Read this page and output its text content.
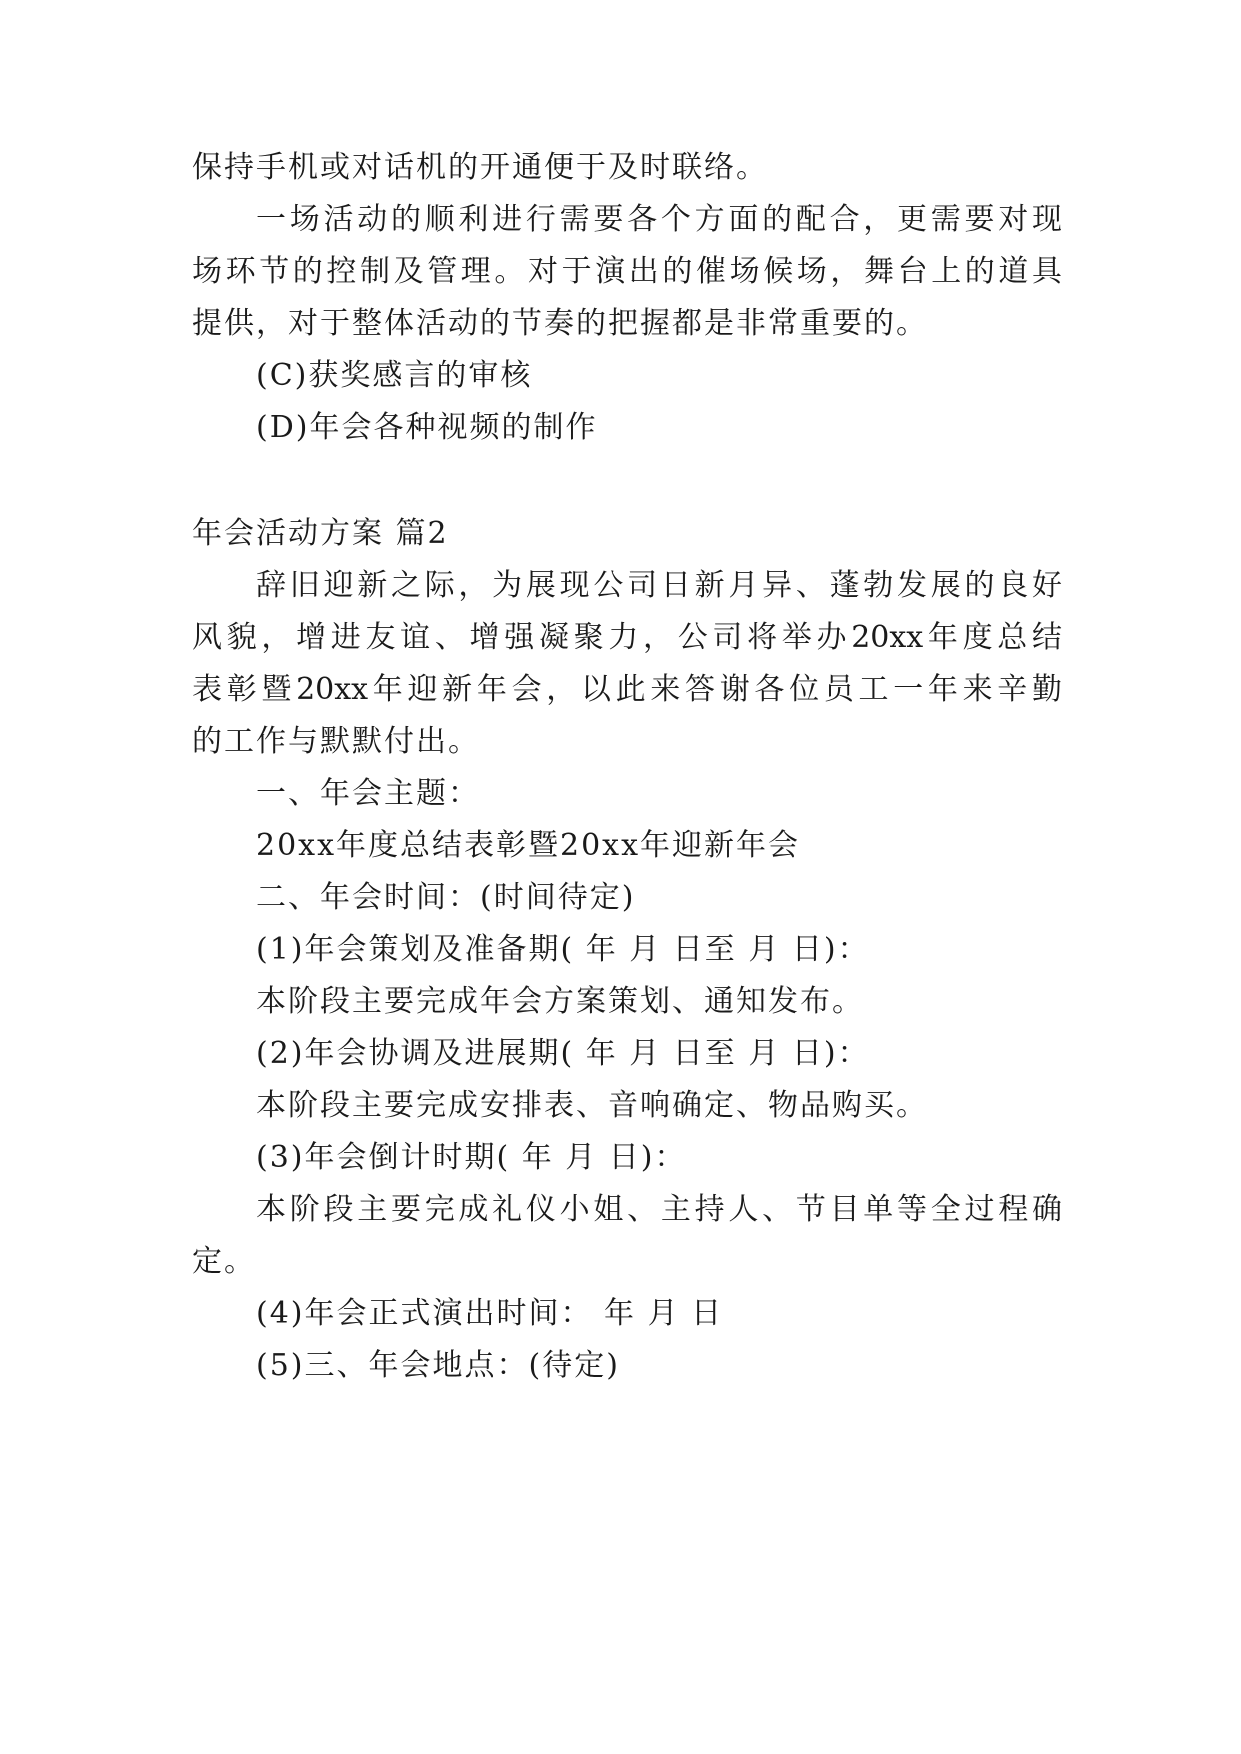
保持手机或对话机的开通便于及时联络。
一场活动的顺利进行需要各个方面的配合，更需要对现
场环节的控制及管理。对于演出的催场候场，舞台上的道具
提供，对于整体活动的节奏的把握都是非常重要的。
(C)获奖感言的审核
(D)年会各种视频的制作
年会活动方案 篇2
辞旧迎新之际，为展现公司日新月异、蓬勃发展的良好
风貌，增进友谊、增强凝聚力，公司将举办20xx年度总结
表彰暨20xx年迎新年会，以此来答谢各位员工一年来辛勤
的工作与默默付出。
一、年会主题：
20xx年度总结表彰暨20xx年迎新年会
二、年会时间：(时间待定)
(1)年会策划及准备期( 年 月 日至 月 日)：
本阶段主要完成年会方案策划、通知发布。
(2)年会协调及进展期( 年 月 日至 月 日)：
本阶段主要完成安排表、音响确定、物品购买。
(3)年会倒计时期( 年 月 日)：
本阶段主要完成礼仪小姐、主持人、节目单等全过程确
定。
(4)年会正式演出时间： 年 月 日
(5)三、年会地点：(待定)
